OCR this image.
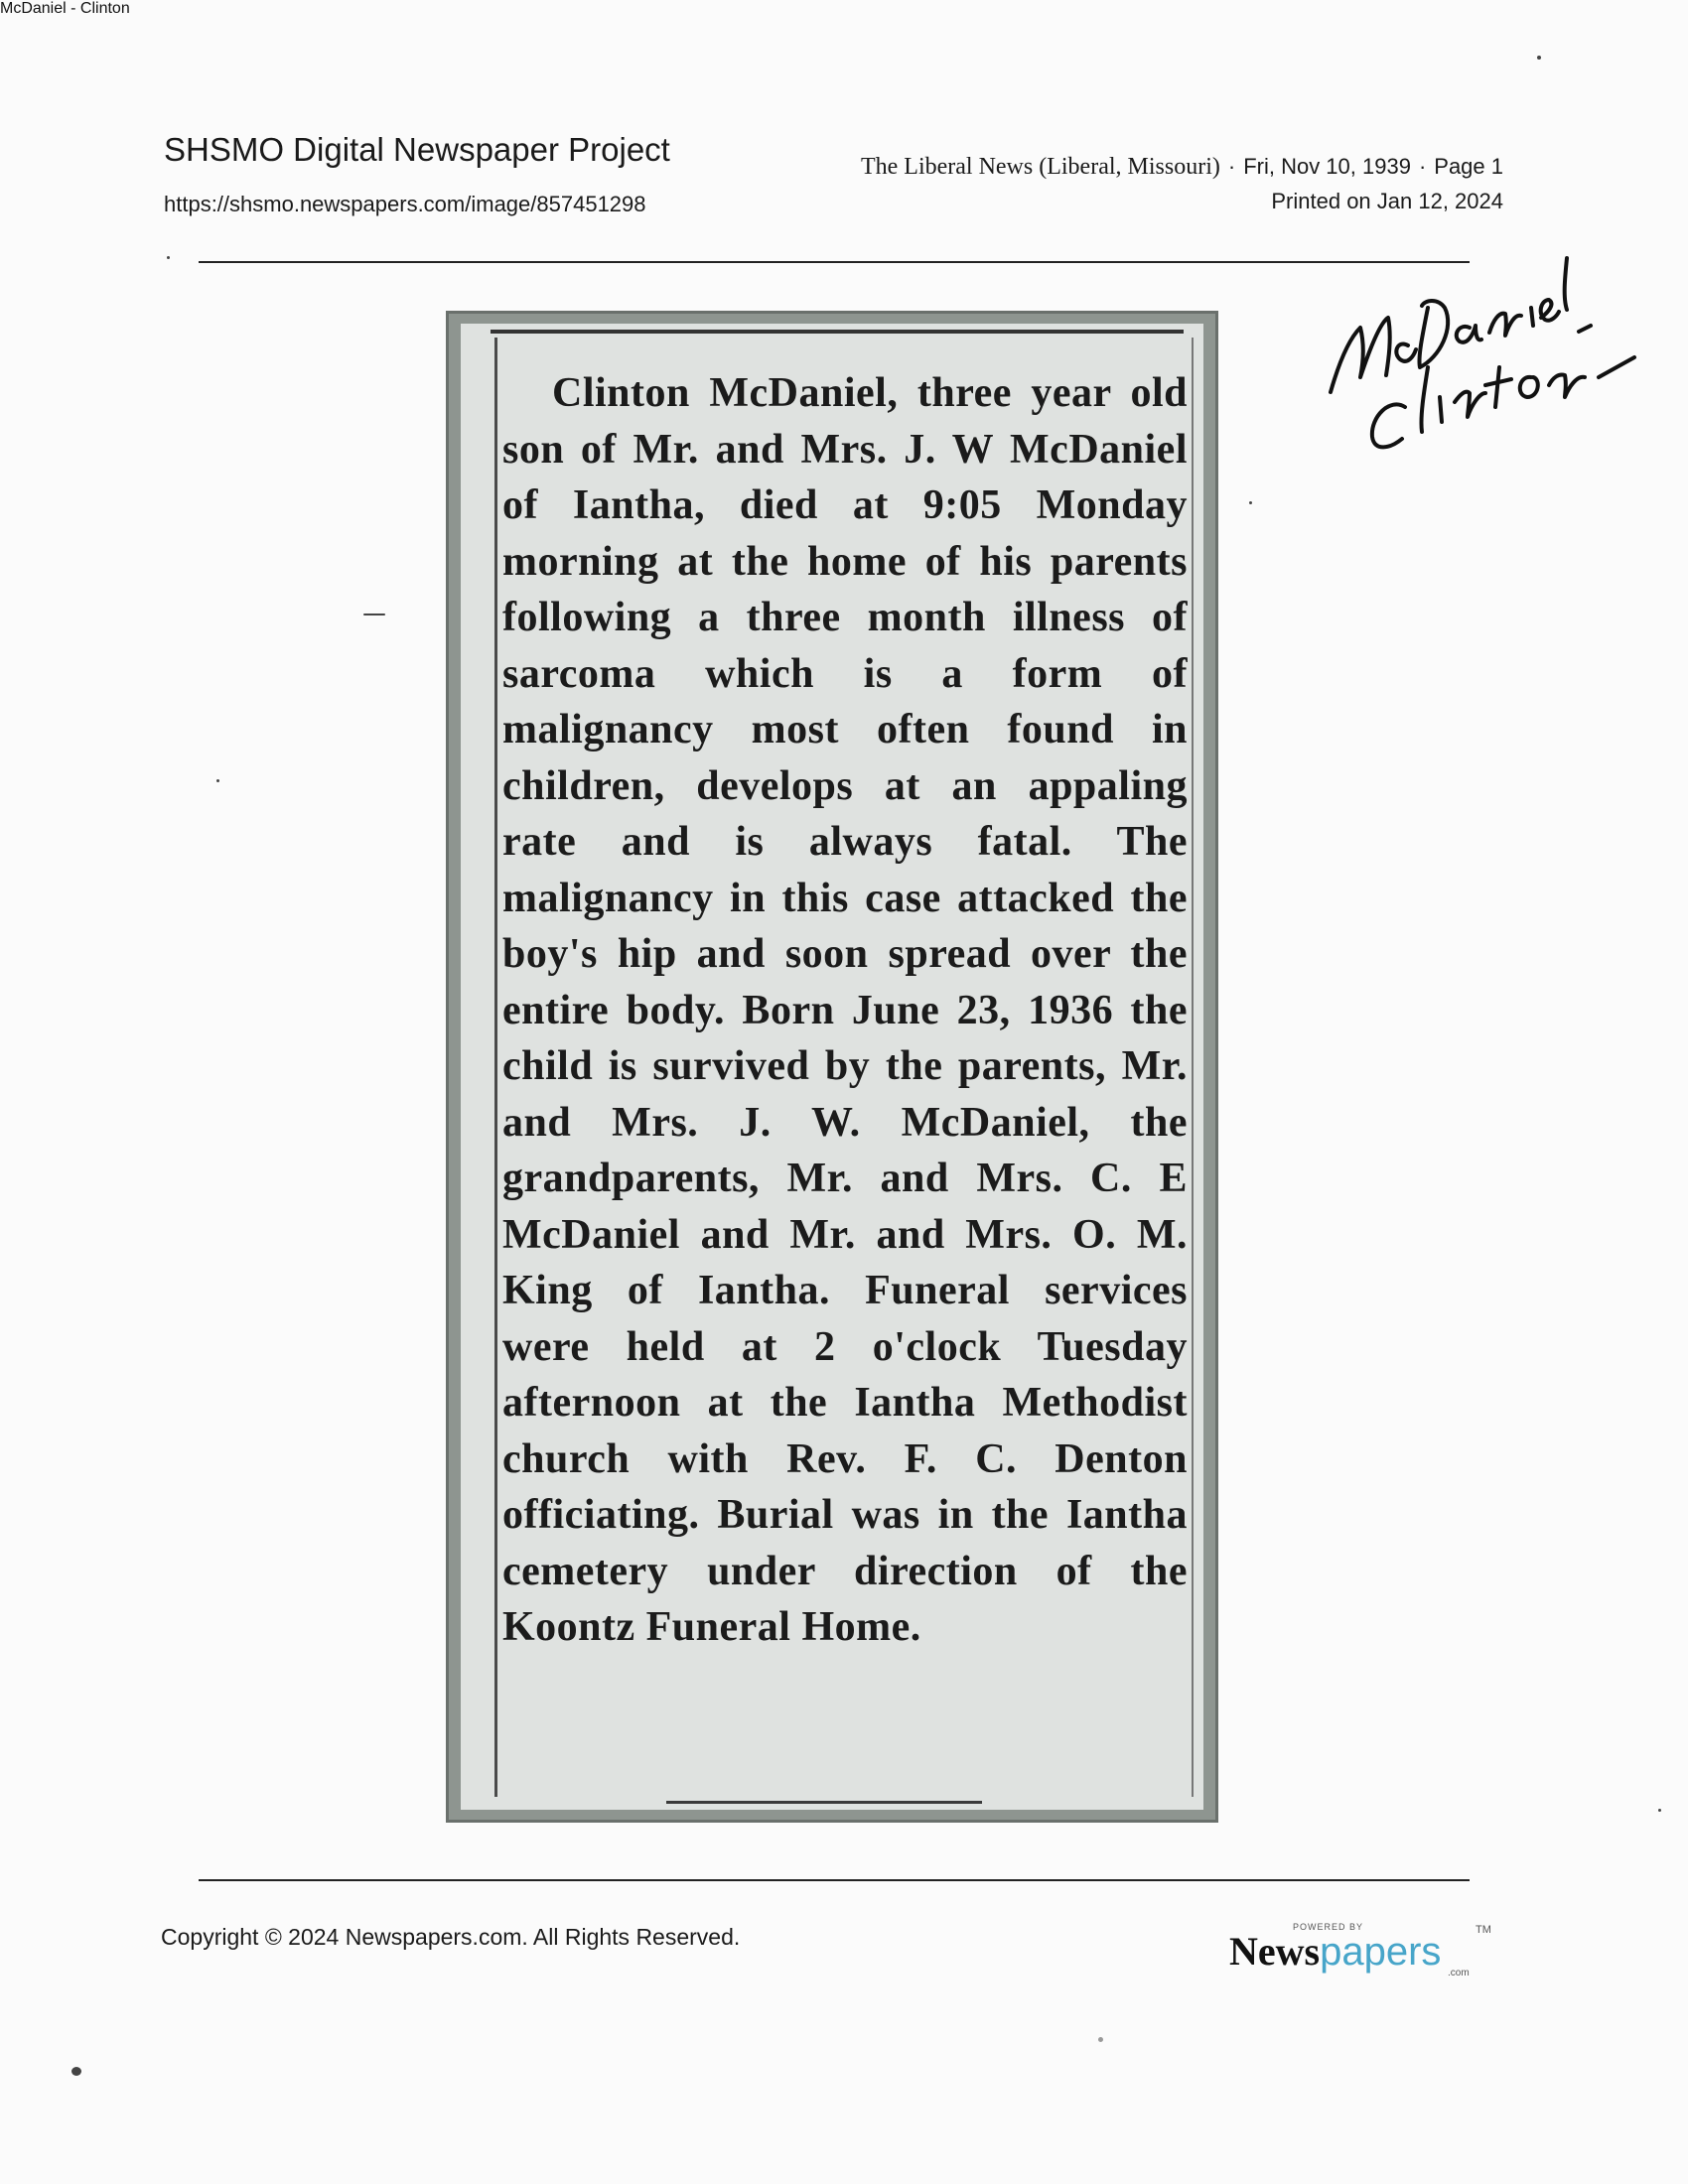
SHSMO Digital Newspaper Project
https://shsmo.newspapers.com/image/857451298
The Liberal News (Liberal, Missouri) · Fri, Nov 10, 1939 · Page 1
Printed on Jan 12, 2024
McDaniel - Clinton
Clinton McDaniel, three year old son of Mr. and Mrs. J. W McDaniel of Iantha, died at 9:05 Monday morning at the home of his parents following a three month illness of sarcoma which is a form of malignancy most often found in children, develops at an appaling rate and is always fatal. The malignancy in this case attacked the boy's hip and soon spread over the entire body. Born June 23, 1936 the child is survived by the parents, Mr. and Mrs. J. W. McDaniel, the grandparents, Mr. and Mrs. C. E McDaniel and Mr. and Mrs. O. M. King of Iantha. Funeral services were held at 2 o'clock Tuesday afternoon at the Iantha Methodist church with Rev. F. C. Denton officiating. Burial was in the Iantha cemetery under direction of the Koontz Funeral Home.
Copyright © 2024 Newspapers.com. All Rights Reserved.	POWERED BY
Newspapers	TM
.com
